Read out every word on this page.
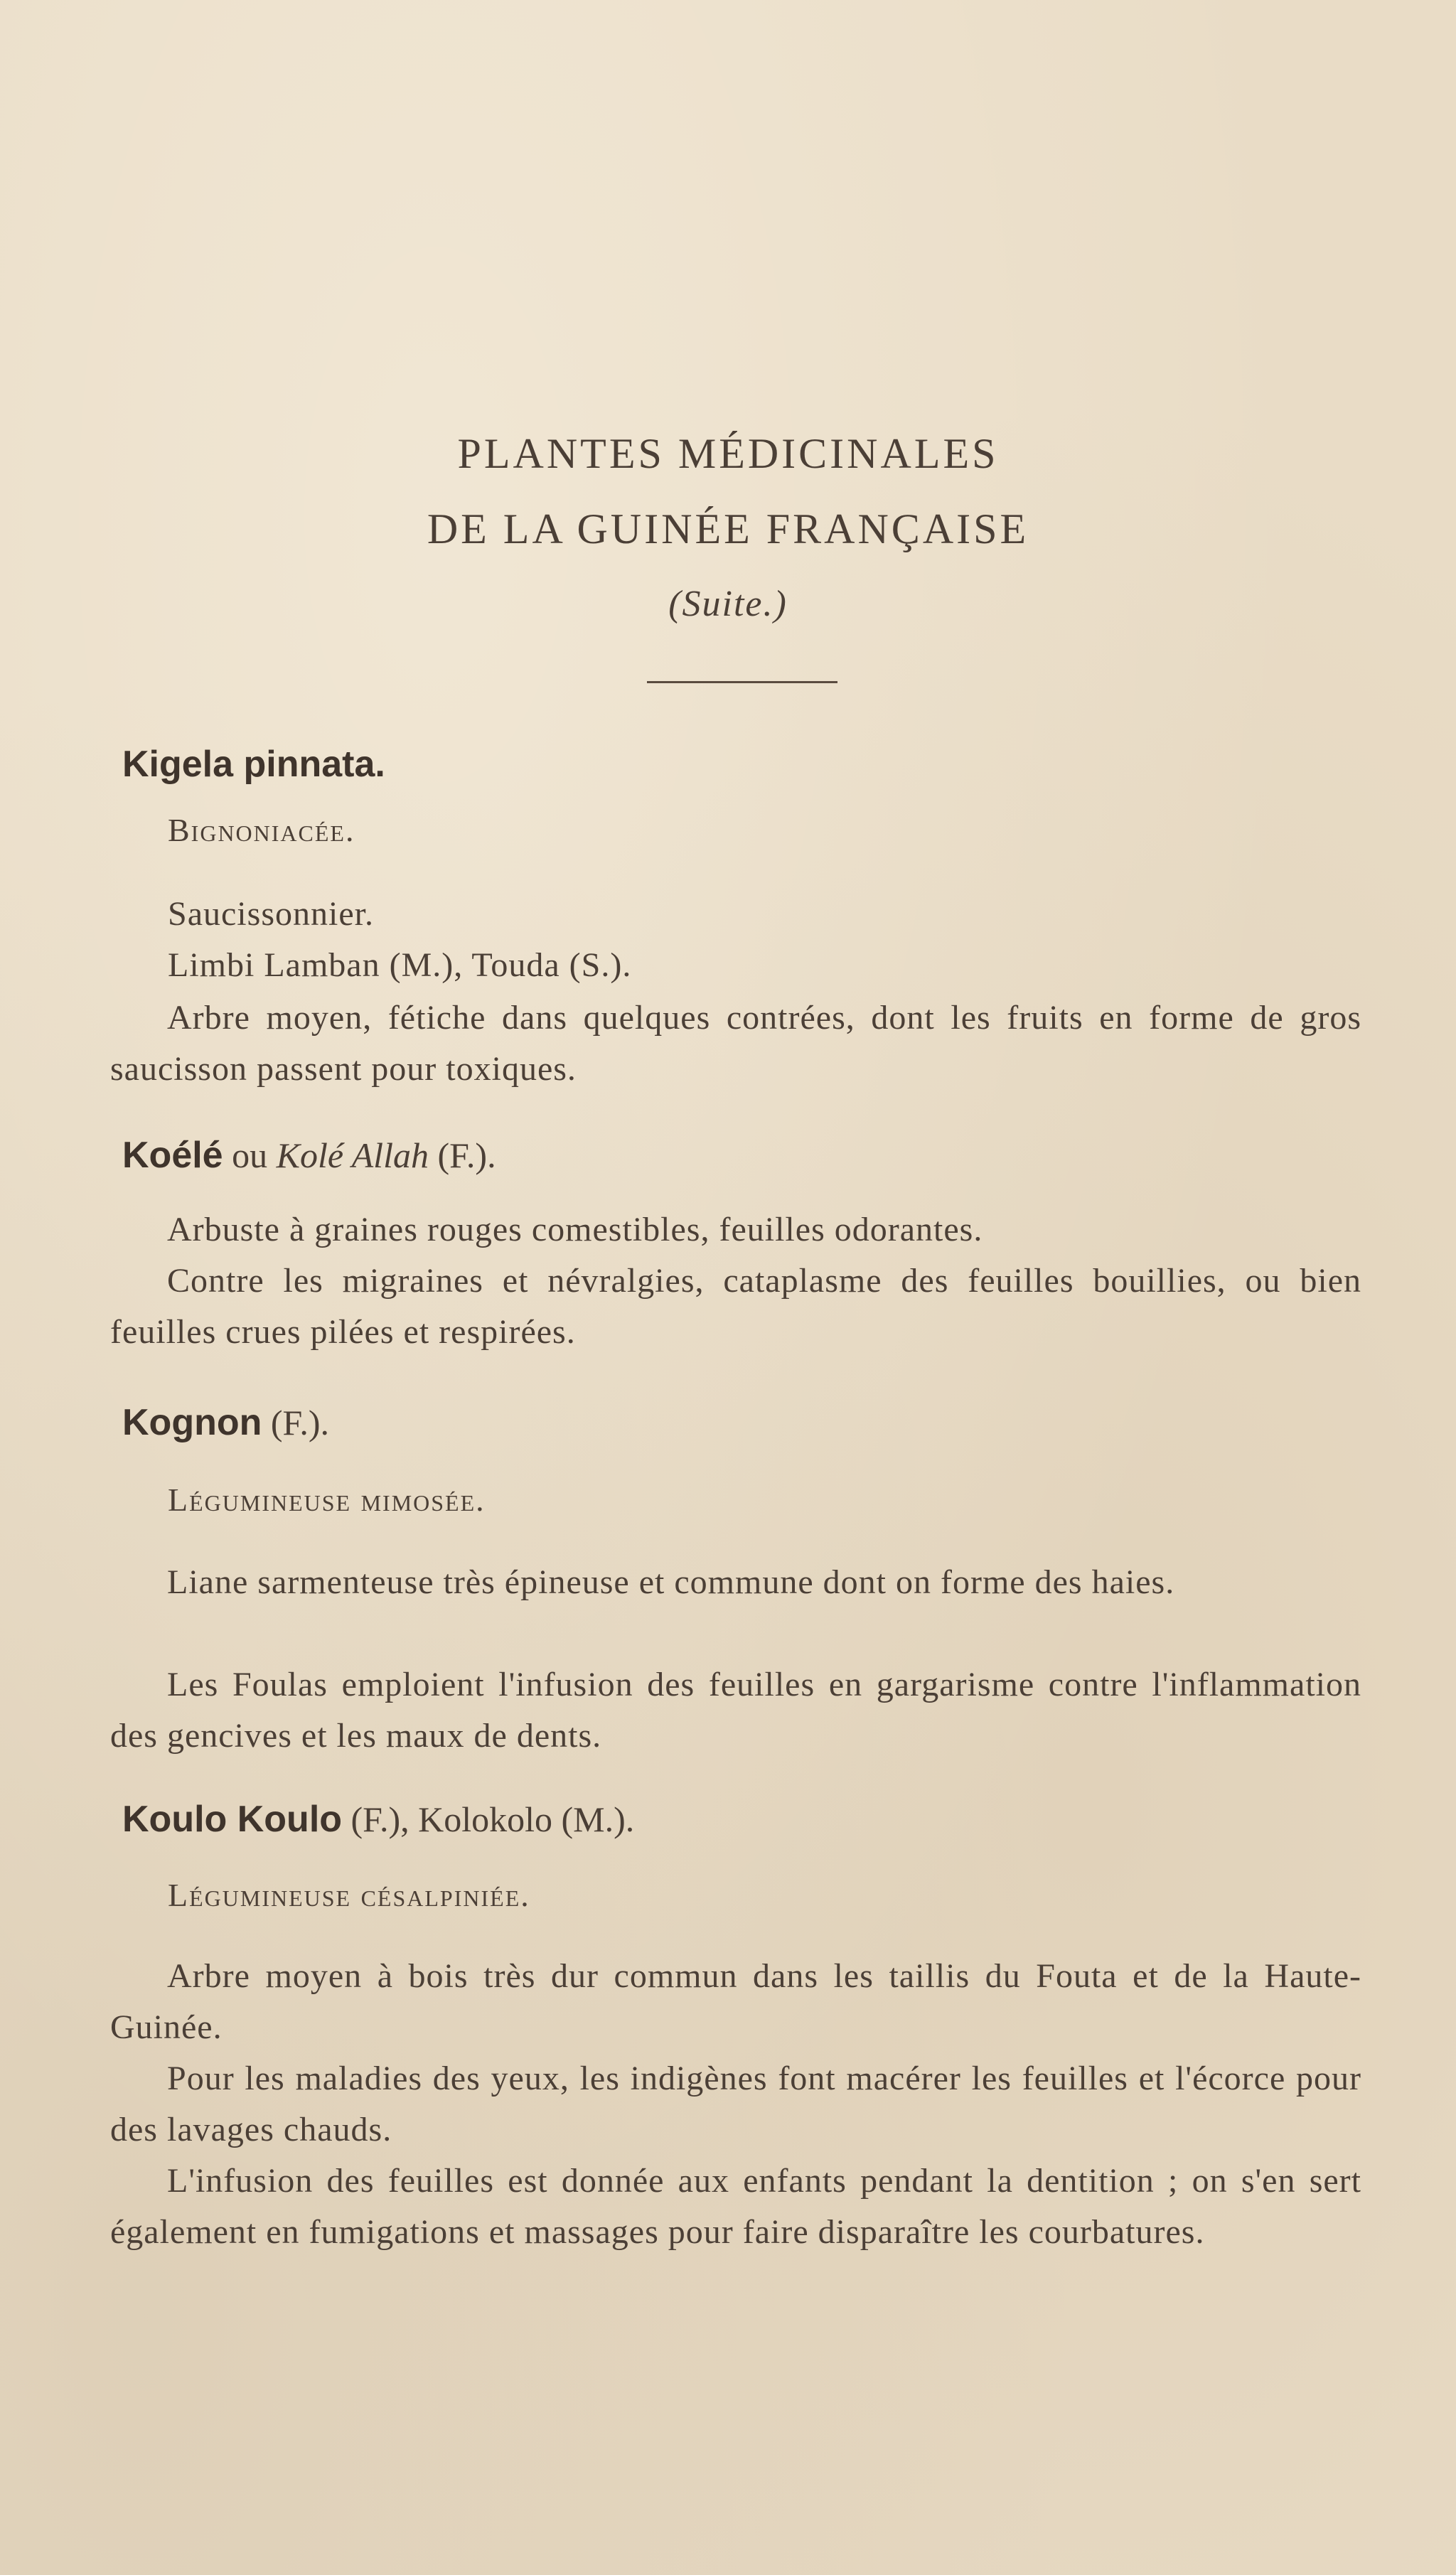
PLANTES MÉDICINALES
DE LA GUINÉE FRANÇAISE
(Suite.)
Kigela pinnata.
Bignoniacée.
Saucissonnier.
Limbi Lamban (M.), Touda (S.).
Arbre moyen, fétiche dans quelques contrées, dont les fruits en forme de gros saucisson passent pour toxiques.
Koélé ou Kolé Allah (F.).
Arbuste à graines rouges comestibles, feuilles odorantes.
Contre les migraines et névralgies, cataplasme des feuilles bouillies, ou bien feuilles crues pilées et respirées.
Kognon (F.).
Légumineuse mimosée.
Liane sarmenteuse très épineuse et commune dont on forme des haies.
Les Foulas emploient l'infusion des feuilles en gargarisme contre l'inflammation des gencives et les maux de dents.
Koulo Koulo (F.), Kolokolo (M.).
Légumineuse césalpiniée.
Arbre moyen à bois très dur commun dans les taillis du Fouta et de la Haute-Guinée.
Pour les maladies des yeux, les indigènes font macérer les feuilles et l'écorce pour des lavages chauds.
L'infusion des feuilles est donnée aux enfants pendant la dentition ; on s'en sert également en fumigations et massages pour faire disparaître les courbatures.
